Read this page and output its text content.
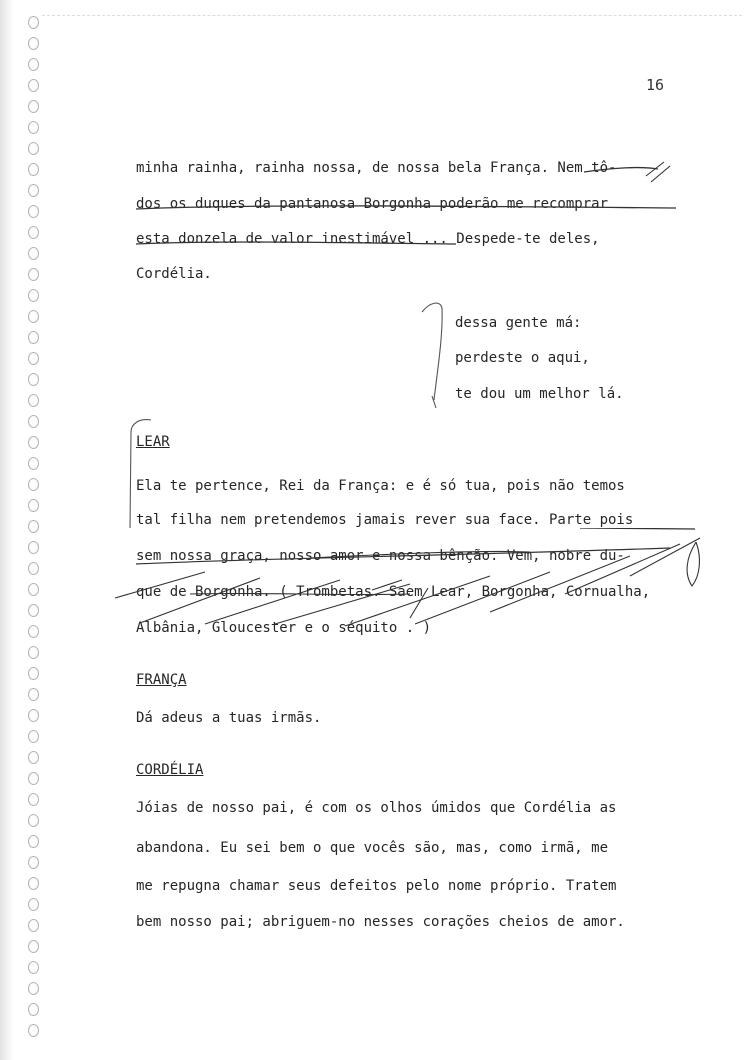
16
minha rainha, rainha nossa, de nossa bela França. Nem tô-
dos os duques da pantanosa Borgonha poderão me recomprar
esta donzela de valor inestimável ... Despede-te deles,
Cordélia.
dessa gente má:
perdeste o aqui,
te dou um melhor lá.
LEAR
Ela te pertence, Rei da França: e é só tua, pois não temos
tal filha nem pretendemos jamais rever sua face. Parte pois
sem nossa graça, nosso amor e nossa bênção. Vem, nobre du-
que de Borgonha. ( Trombetas. Saem Lear, Borgonha, Cornualha,
Albânia, Gloucester e o séquito . )
FRANÇA
Dá adeus a tuas irmãs.
CORDÉLIA
Jóias de nosso pai, é com os olhos úmidos que Cordélia as
abandona. Eu sei bem o que vocês são, mas, como irmã, me
me repugna chamar seus defeitos pelo nome próprio. Tratem
bem nosso pai; abriguem-no nesses corações cheios de amor.
